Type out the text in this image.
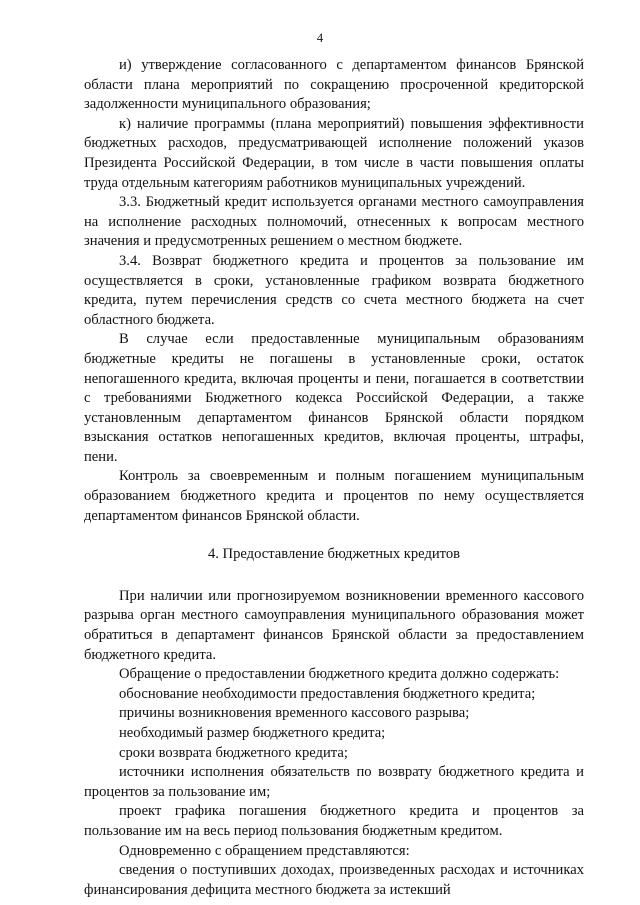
4

и) утверждение согласованного с департаментом финансов Брянской области плана мероприятий по сокращению просроченной кредиторской задолженности муниципального образования;

к) наличие программы (плана мероприятий) повышения эффективности бюджетных расходов, предусматривающей исполнение положений указов Президента Российской Федерации, в том числе в части повышения оплаты труда отдельным категориям работников муниципальных учреждений.

3.3. Бюджетный кредит используется органами местного самоуправления на исполнение расходных полномочий, отнесенных к вопросам местного значения и предусмотренных решением о местном бюджете.

3.4. Возврат бюджетного кредита и процентов за пользование им осуществляется в сроки, установленные графиком возврата бюджетного кредита, путем перечисления средств со счета местного бюджета на счет областного бюджета.

В случае если предоставленные муниципальным образованиям бюджетные кредиты не погашены в установленные сроки, остаток непогашенного кредита, включая проценты и пени, погашается в соответствии с требованиями Бюджетного кодекса Российской Федерации, а также установленным департаментом финансов Брянской области порядком взыскания остатков непогашенных кредитов, включая проценты, штрафы, пени.

Контроль за своевременным и полным погашением муниципальным образованием бюджетного кредита и процентов по нему осуществляется департаментом финансов Брянской области.

4. Предоставление бюджетных кредитов

При наличии или прогнозируемом возникновении временного кассового разрыва орган местного самоуправления муниципального образования может обратиться в департамент финансов Брянской области за предоставлением бюджетного кредита.

Обращение о предоставлении бюджетного кредита должно содержать:

обоснование необходимости предоставления бюджетного кредита;

причины возникновения временного кассового разрыва;

необходимый размер бюджетного кредита;

сроки возврата бюджетного кредита;

источники исполнения обязательств по возврату бюджетного кредита и процентов за пользование им;

проект графика погашения бюджетного кредита и процентов за пользование им на весь период пользования бюджетным кредитом.

Одновременно с обращением представляются:

сведения о поступивших доходах, произведенных расходах и источниках финансирования дефицита местного бюджета за истекший
